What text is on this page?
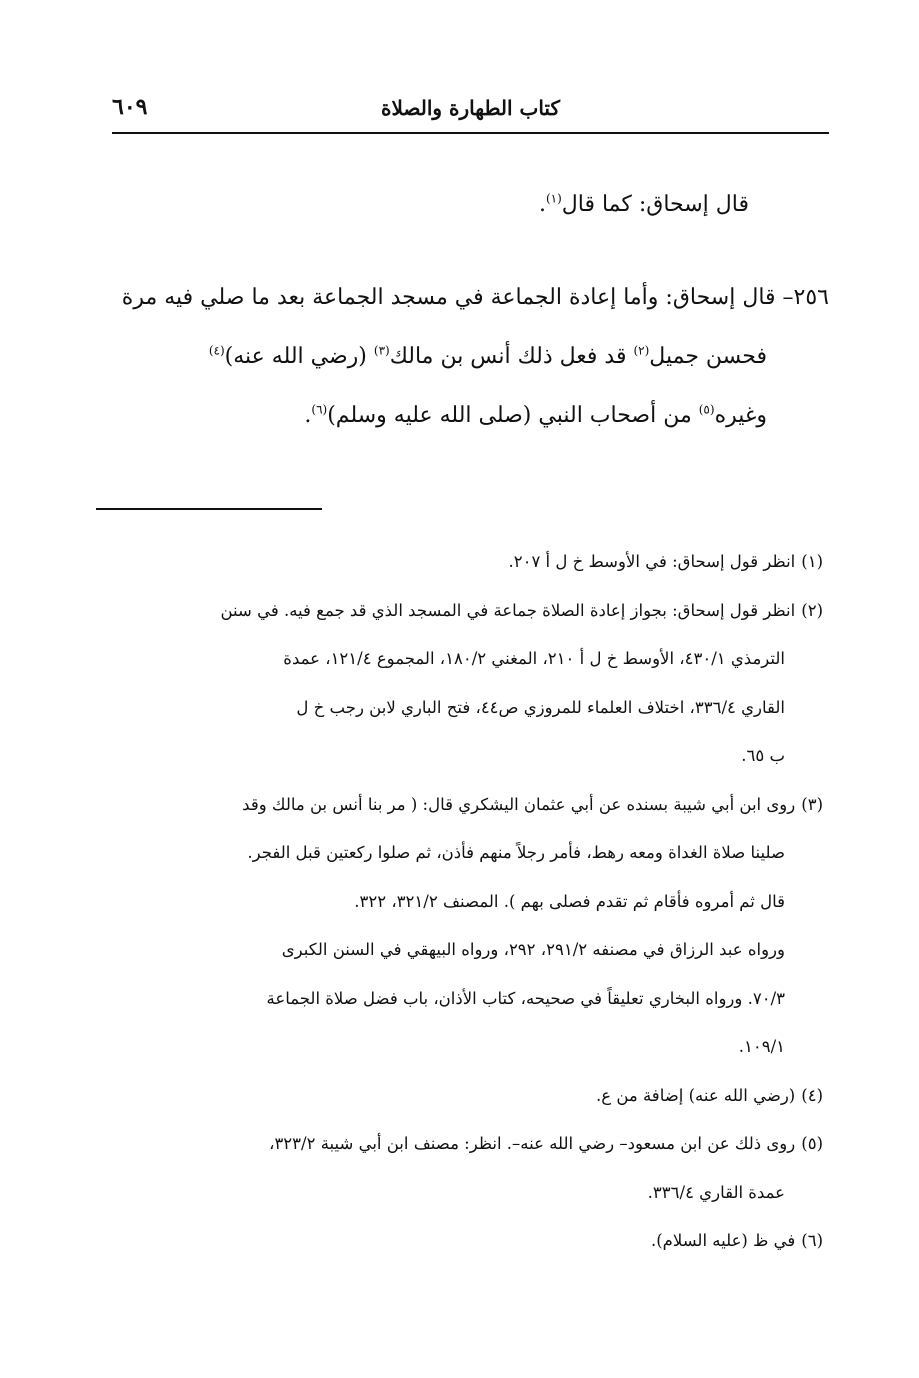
كتاب الطهارة والصلاة
٦٠٩

قال إسحاق: كما قال$^{(١)}$.

٢٥٦– قال إسحاق: وأما إعادة الجماعة في مسجد الجماعة بعد ما صلي فيه مرة
فحسن جميل$^{(٢)}$ قد فعل ذلك أنس بن مالك$^{(٣)}$ (رضي الله عنه)$^{(٤)}$
وغيره$^{(٥)}$ من أصحاب النبي (صلى الله عليه وسلم)$^{(٦)}$.

(١)انظر قول إسحاق: في الأوسط خ ل أ ٢٠٧.

(٢)انظر قول إسحاق: بجواز إعادة الصلاة جماعة في المسجد الذي قد جمع فيه. في سنن
الترمذي ٤٣٠/١، الأوسط خ ل أ ٢١٠، المغني ١٨٠/٢، المجموع ١٢١/٤، عمدة
القاري ٣٣٦/٤، اختلاف العلماء للمروزي ص٤٤، فتح الباري لابن رجب خ ل
ب ٦٥.

(٣)روى ابن أبي شيبة بسنده عن أبي عثمان اليشكري قال: ( مر بنا أنس بن مالك وقد
صلينا صلاة الغداة ومعه رهط، فأمر رجلاً منهم فأذن، ثم صلوا ركعتين قبل الفجر.
قال ثم أمروه فأقام ثم تقدم فصلى بهم ). المصنف ٣٢١/٢، ٣٢٢.
ورواه عبد الرزاق في مصنفه ٢٩١/٢، ٢٩٢، ورواه البيهقي في السنن الكبرى
٧٠/٣. ورواه البخاري تعليقاً في صحيحه، كتاب الأذان، باب فضل صلاة الجماعة
١٠٩/١.

(٤)(رضي الله عنه) إضافة من ع.

(٥)روى ذلك عن ابن مسعود– رضي الله عنه–. انظر: مصنف ابن أبي شيبة ٣٢٣/٢،
عمدة القاري ٣٣٦/٤.

(٦)في ظ (عليه السلام).
